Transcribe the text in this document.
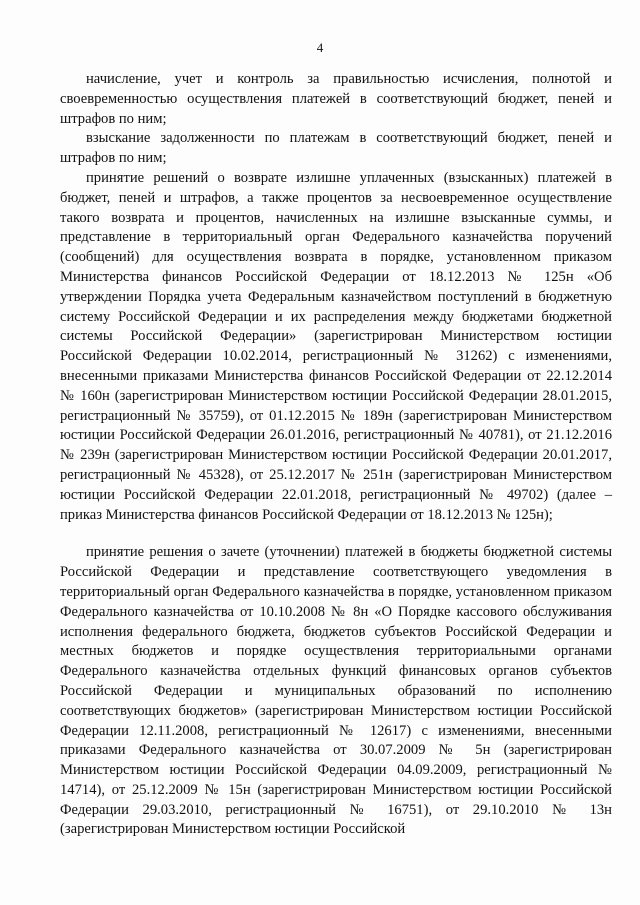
4

начисление, учет и контроль за правильностью исчисления, полнотой и своевременностью осуществления платежей в соответствующий бюджет, пеней и штрафов по ним;

взыскание задолженности по платежам в соответствующий бюджет, пеней и штрафов по ним;

принятие решений о возврате излишне уплаченных (взысканных) платежей в бюджет, пеней и штрафов, а также процентов за несвоевременное осуществление такого возврата и процентов, начисленных на излишне взысканные суммы, и представление в территориальный орган Федерального казначейства поручений (сообщений) для осуществления возврата в порядке, установленном приказом Министерства финансов Российской Федерации от 18.12.2013 № 125н «Об утверждении Порядка учета Федеральным казначейством поступлений в бюджетную систему Российской Федерации и их распределения между бюджетами бюджетной системы Российской Федерации» (зарегистрирован Министерством юстиции Российской Федерации 10.02.2014, регистрационный № 31262) с изменениями, внесенными приказами Министерства финансов Российской Федерации от 22.12.2014 № 160н (зарегистрирован Министерством юстиции Российской Федерации 28.01.2015, регистрационный № 35759), от 01.12.2015 № 189н (зарегистрирован Министерством юстиции Российской Федерации 26.01.2016, регистрационный № 40781), от 21.12.2016 № 239н (зарегистрирован Министерством юстиции Российской Федерации 20.01.2017, регистрационный № 45328), от 25.12.2017 № 251н (зарегистрирован Министерством юстиции Российской Федерации 22.01.2018, регистрационный № 49702) (далее – приказ Министерства финансов Российской Федерации от 18.12.2013 № 125н);

принятие решения о зачете (уточнении) платежей в бюджеты бюджетной системы Российской Федерации и представление соответствующего уведомления в территориальный орган Федерального казначейства в порядке, установленном приказом Федерального казначейства от 10.10.2008 № 8н «О Порядке кассового обслуживания исполнения федерального бюджета, бюджетов субъектов Российской Федерации и местных бюджетов и порядке осуществления территориальными органами Федерального казначейства отдельных функций финансовых органов субъектов Российской Федерации и муниципальных образований по исполнению соответствующих бюджетов» (зарегистрирован Министерством юстиции Российской Федерации 12.11.2008, регистрационный № 12617) с изменениями, внесенными приказами Федерального казначейства от 30.07.2009 № 5н (зарегистрирован Министерством юстиции Российской Федерации 04.09.2009, регистрационный № 14714), от 25.12.2009 № 15н (зарегистрирован Министерством юстиции Российской Федерации 29.03.2010, регистрационный № 16751), от 29.10.2010 № 13н (зарегистрирован Министерством юстиции Российской
